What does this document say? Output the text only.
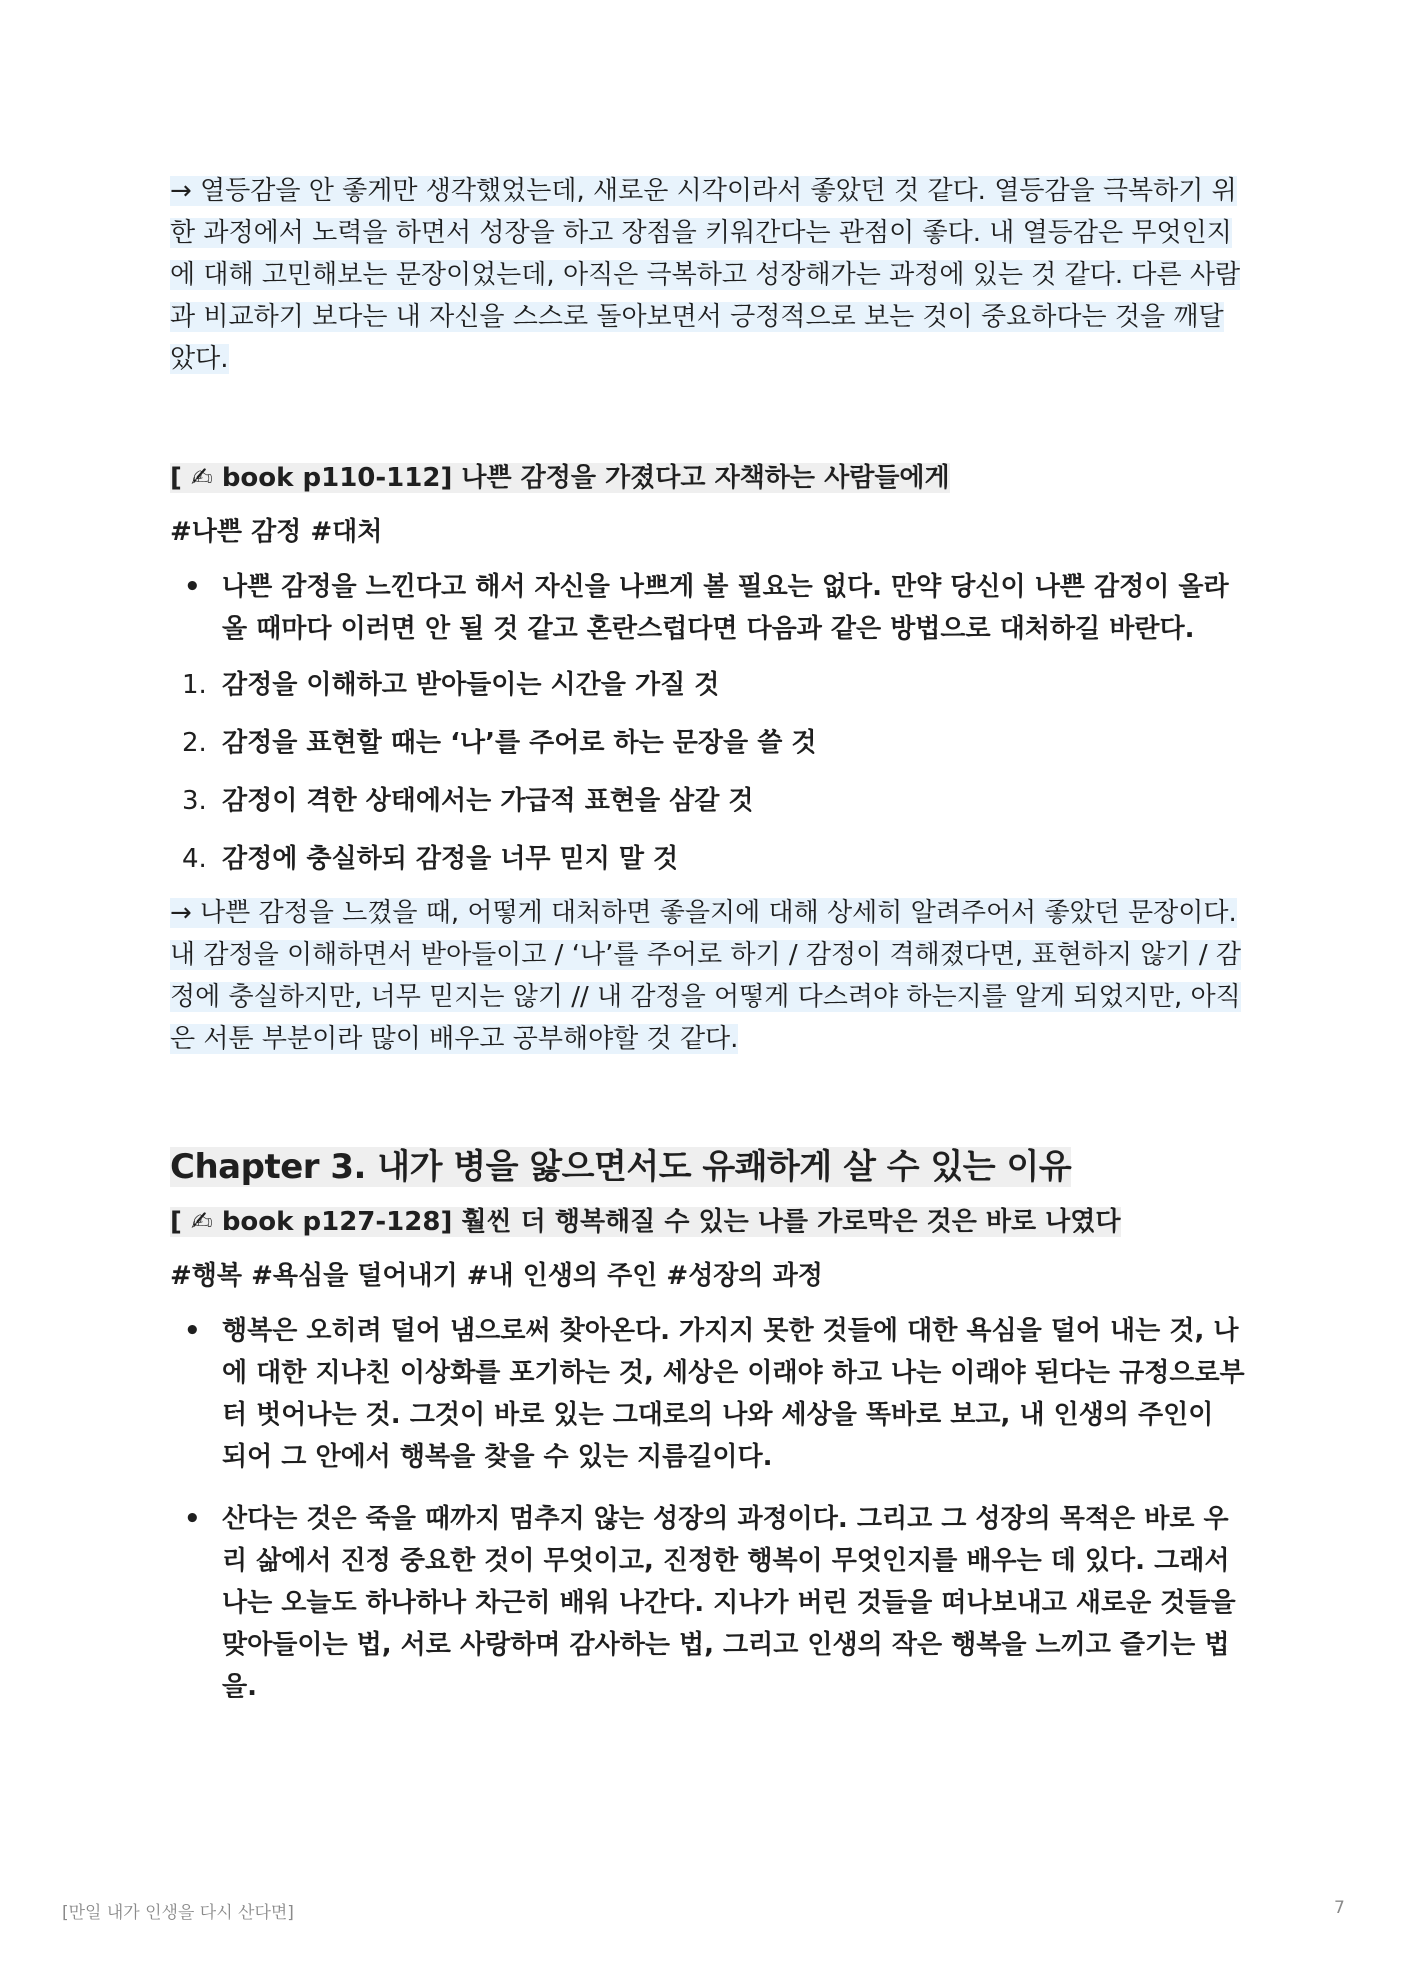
→ 열등감을 안 좋게만 생각했었는데, 새로운 시각이라서 좋았던 것 같다. 열등감을 극복하기 위한 과정에서 노력을 하면서 성장을 하고 장점을 키워간다는 관점이 좋다. 내 열등감은 무엇인지에 대해 고민해보는 문장이었는데, 아직은 극복하고 성장해가는 과정에 있는 것 같다. 다른 사람과 비교하기 보다는 내 자신을 스스로 돌아보면서 긍정적으로 보는 것이 중요하다는 것을 깨달았다.

[ ✍ book p110-112] 나쁜 감정을 가졌다고 자책하는 사람들에게

#나쁜 감정 #대처

• 나쁜 감정을 느낀다고 해서 자신을 나쁘게 볼 필요는 없다. 만약 당신이 나쁜 감정이 올라올 때마다 이러면 안 될 것 같고 혼란스럽다면 다음과 같은 방법으로 대처하길 바란다.
1. 감정을 이해하고 받아들이는 시간을 가질 것
2. 감정을 표현할 때는 ‘나’를 주어로 하는 문장을 쓸 것
3. 감정이 격한 상태에서는 가급적 표현을 삼갈 것
4. 감정에 충실하되 감정을 너무 믿지 말 것

→ 나쁜 감정을 느꼈을 때, 어떻게 대처하면 좋을지에 대해 상세히 알려주어서 좋았던 문장이다. 내 감정을 이해하면서 받아들이고 / ‘나’를 주어로 하기 / 감정이 격해졌다면, 표현하지 않기 / 감정에 충실하지만, 너무 믿지는 않기 // 내 감정을 어떻게 다스려야 하는지를 알게 되었지만, 아직은 서툰 부분이라 많이 배우고 공부해야할 것 같다.

Chapter 3. 내가 병을 앓으면서도 유쾌하게 살 수 있는 이유

[ ✍ book p127-128] 훨씬 더 행복해질 수 있는 나를 가로막은 것은 바로 나였다

#행복 #욕심을 덜어내기 #내 인생의 주인 #성장의 과정

• 행복은 오히려 덜어 냄으로써 찾아온다. 가지지 못한 것들에 대한 욕심을 덜어 내는 것, 나에 대한 지나친 이상화를 포기하는 것, 세상은 이래야 하고 나는 이래야 된다는 규정으로부터 벗어나는 것. 그것이 바로 있는 그대로의 나와 세상을 똑바로 보고, 내 인생의 주인이 되어 그 안에서 행복을 찾을 수 있는 지름길이다.
• 산다는 것은 죽을 때까지 멈추지 않는 성장의 과정이다. 그리고 그 성장의 목적은 바로 우리 삶에서 진정 중요한 것이 무엇이고, 진정한 행복이 무엇인지를 배우는 데 있다. 그래서 나는 오늘도 하나하나 차근히 배워 나간다. 지나가 버린 것들을 떠나보내고 새로운 것들을 맞아들이는 법, 서로 사랑하며 감사하는 법, 그리고 인생의 작은 행복을 느끼고 즐기는 법을.
[만일 내가 인생을 다시 산다면]	7
